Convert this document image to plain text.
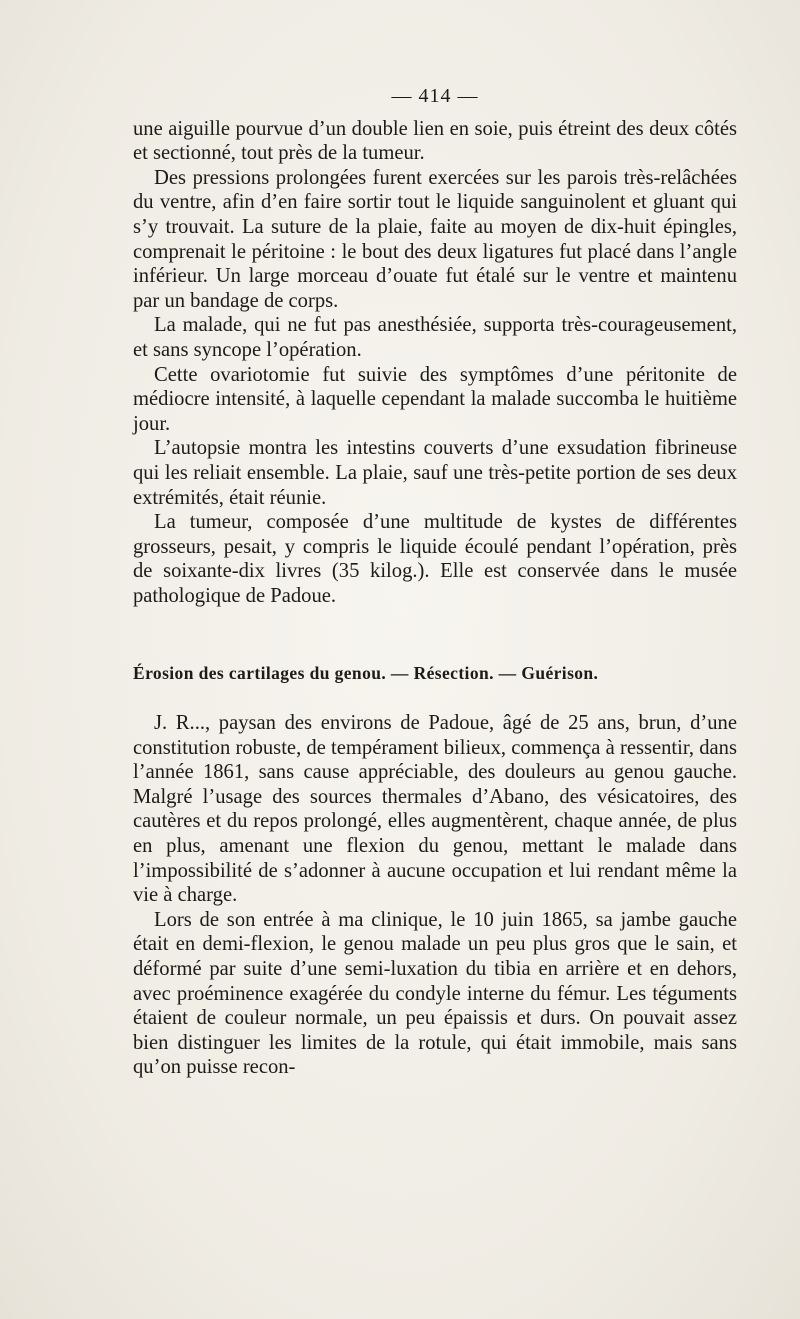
— 414 —

une aiguille pourvue d’un double lien en soie, puis étreint des deux côtés et sectionné, tout près de la tumeur.

Des pressions prolongées furent exercées sur les parois très-relâchées du ventre, afin d’en faire sortir tout le liquide sanguinolent et gluant qui s’y trouvait. La suture de la plaie, faite au moyen de dix-huit épingles, comprenait le péritoine : le bout des deux ligatures fut placé dans l’angle inférieur. Un large morceau d’ouate fut étalé sur le ventre et maintenu par un bandage de corps.

La malade, qui ne fut pas anesthésiée, supporta très-courageusement, et sans syncope l’opération.

Cette ovariotomie fut suivie des symptômes d’une péritonite de médiocre intensité, à laquelle cependant la malade succomba le huitième jour.

L’autopsie montra les intestins couverts d’une exsudation fibrineuse qui les reliait ensemble. La plaie, sauf une très-petite portion de ses deux extrémités, était réunie.

La tumeur, composée d’une multitude de kystes de différentes grosseurs, pesait, y compris le liquide écoulé pendant l’opération, près de soixante-dix livres (35 kilog.). Elle est conservée dans le musée pathologique de Padoue.

Érosion des cartilages du genou. — Résection. — Guérison.

J. R..., paysan des environs de Padoue, âgé de 25 ans, brun, d’une constitution robuste, de tempérament bilieux, commença à ressentir, dans l’année 1861, sans cause appréciable, des douleurs au genou gauche. Malgré l’usage des sources thermales d’Abano, des vésicatoires, des cautères et du repos prolongé, elles augmentèrent, chaque année, de plus en plus, amenant une flexion du genou, mettant le malade dans l’impossibilité de s’adonner à aucune occupation et lui rendant même la vie à charge.

Lors de son entrée à ma clinique, le 10 juin 1865, sa jambe gauche était en demi-flexion, le genou malade un peu plus gros que le sain, et déformé par suite d’une semi-luxation du tibia en arrière et en dehors, avec proéminence exagérée du condyle interne du fémur. Les téguments étaient de couleur normale, un peu épaissis et durs. On pouvait assez bien distinguer les limites de la rotule, qui était immobile, mais sans qu’on puisse recon-
